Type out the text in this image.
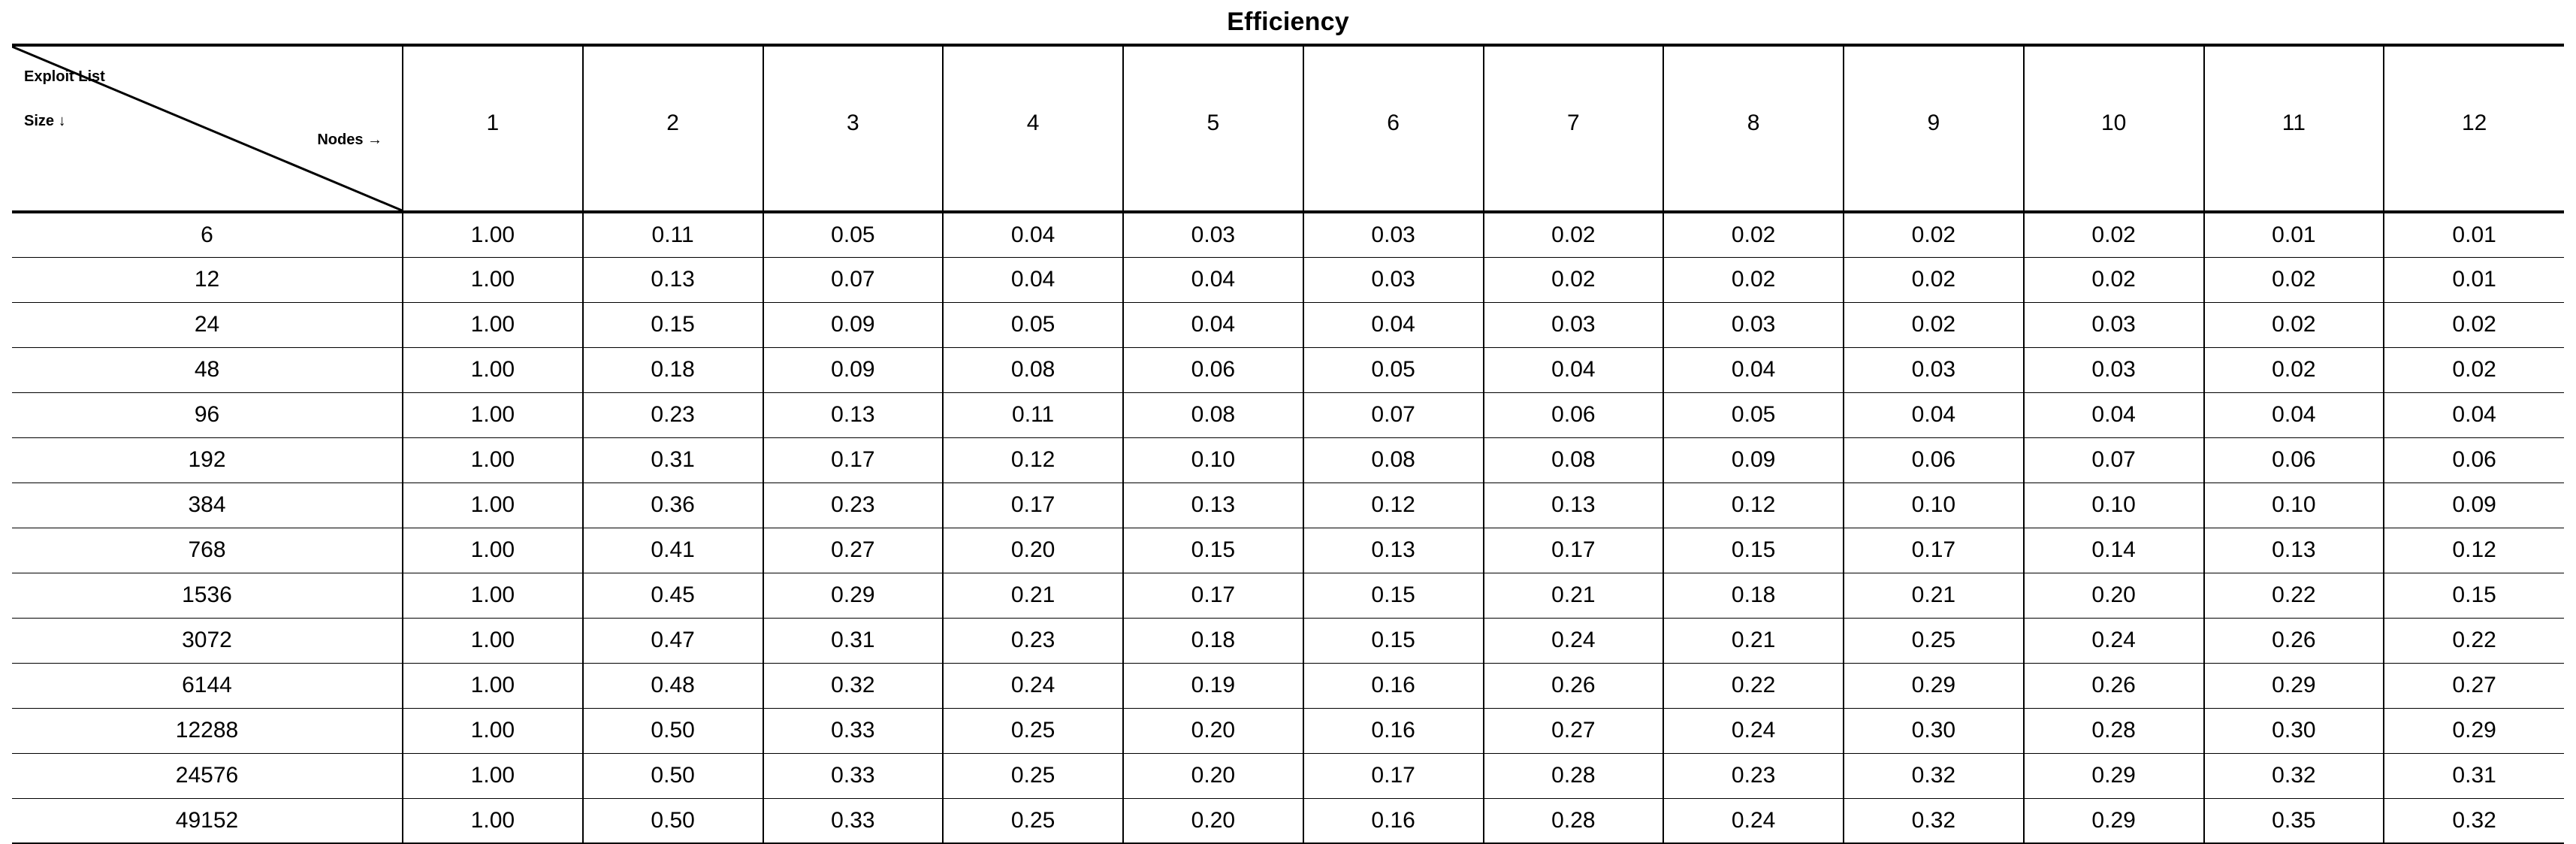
Efficiency
Exploit List
Size ↓
Nodes →	1	2	3	4	5	6	7	8	9	10	11	12
6	1.00	0.11	0.05	0.04	0.03	0.03	0.02	0.02	0.02	0.02	0.01	0.01
12	1.00	0.13	0.07	0.04	0.04	0.03	0.02	0.02	0.02	0.02	0.02	0.01
24	1.00	0.15	0.09	0.05	0.04	0.04	0.03	0.03	0.02	0.03	0.02	0.02
48	1.00	0.18	0.09	0.08	0.06	0.05	0.04	0.04	0.03	0.03	0.02	0.02
96	1.00	0.23	0.13	0.11	0.08	0.07	0.06	0.05	0.04	0.04	0.04	0.04
192	1.00	0.31	0.17	0.12	0.10	0.08	0.08	0.09	0.06	0.07	0.06	0.06
384	1.00	0.36	0.23	0.17	0.13	0.12	0.13	0.12	0.10	0.10	0.10	0.09
768	1.00	0.41	0.27	0.20	0.15	0.13	0.17	0.15	0.17	0.14	0.13	0.12
1536	1.00	0.45	0.29	0.21	0.17	0.15	0.21	0.18	0.21	0.20	0.22	0.15
3072	1.00	0.47	0.31	0.23	0.18	0.15	0.24	0.21	0.25	0.24	0.26	0.22
6144	1.00	0.48	0.32	0.24	0.19	0.16	0.26	0.22	0.29	0.26	0.29	0.27
12288	1.00	0.50	0.33	0.25	0.20	0.16	0.27	0.24	0.30	0.28	0.30	0.29
24576	1.00	0.50	0.33	0.25	0.20	0.17	0.28	0.23	0.32	0.29	0.32	0.31
49152	1.00	0.50	0.33	0.25	0.20	0.16	0.28	0.24	0.32	0.29	0.35	0.32
